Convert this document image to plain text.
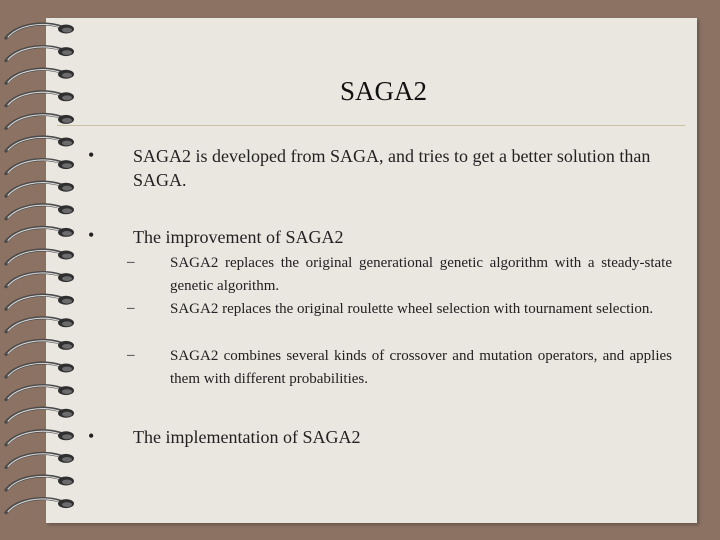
SAGA2
• SAGA2 is developed from SAGA, and tries to get a better solution than SAGA.
• The improvement of SAGA2
– SAGA2 replaces the original generational genetic algorithm with a steady-state genetic algorithm.
– SAGA2 replaces the original roulette wheel selection with tournament selection.
– SAGA2 combines several kinds of crossover and mutation operators, and applies them with different probabilities.
• The implementation of SAGA2
